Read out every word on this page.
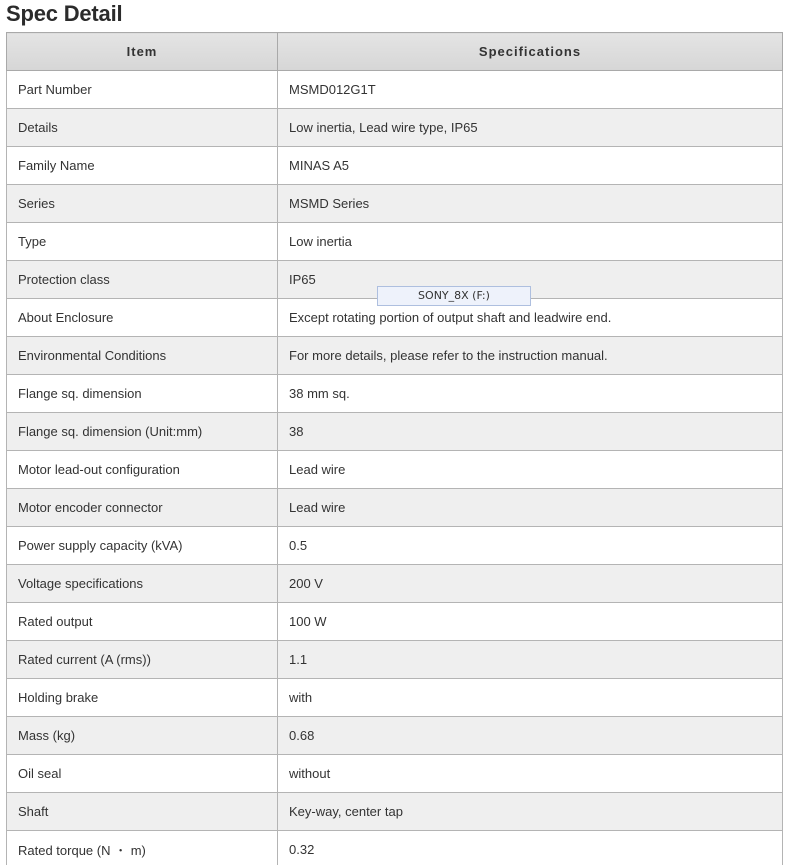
Spec Detail
Item	Specifications
Part Number	MSMD012G1T
Details	Low inertia, Lead wire type, IP65
Family Name	MINAS A5
Series	MSMD Series
Type	Low inertia
Protection class	IP65
About Enclosure	Except rotating portion of output shaft and leadwire end.
Environmental Conditions	For more details, please refer to the instruction manual.
Flange sq. dimension	38 mm sq.
Flange sq. dimension (Unit:mm)	38
Motor lead-out configuration	Lead wire
Motor encoder connector	Lead wire
Power supply capacity (kVA)	0.5
Voltage specifications	200 V
Rated output	100 W
Rated current (A (rms))	1.1
Holding brake	with
Mass (kg)	0.68
Oil seal	without
Shaft	Key-way, center tap
Rated torque (N ・ m)	0.32
SONY_8X (F:)
